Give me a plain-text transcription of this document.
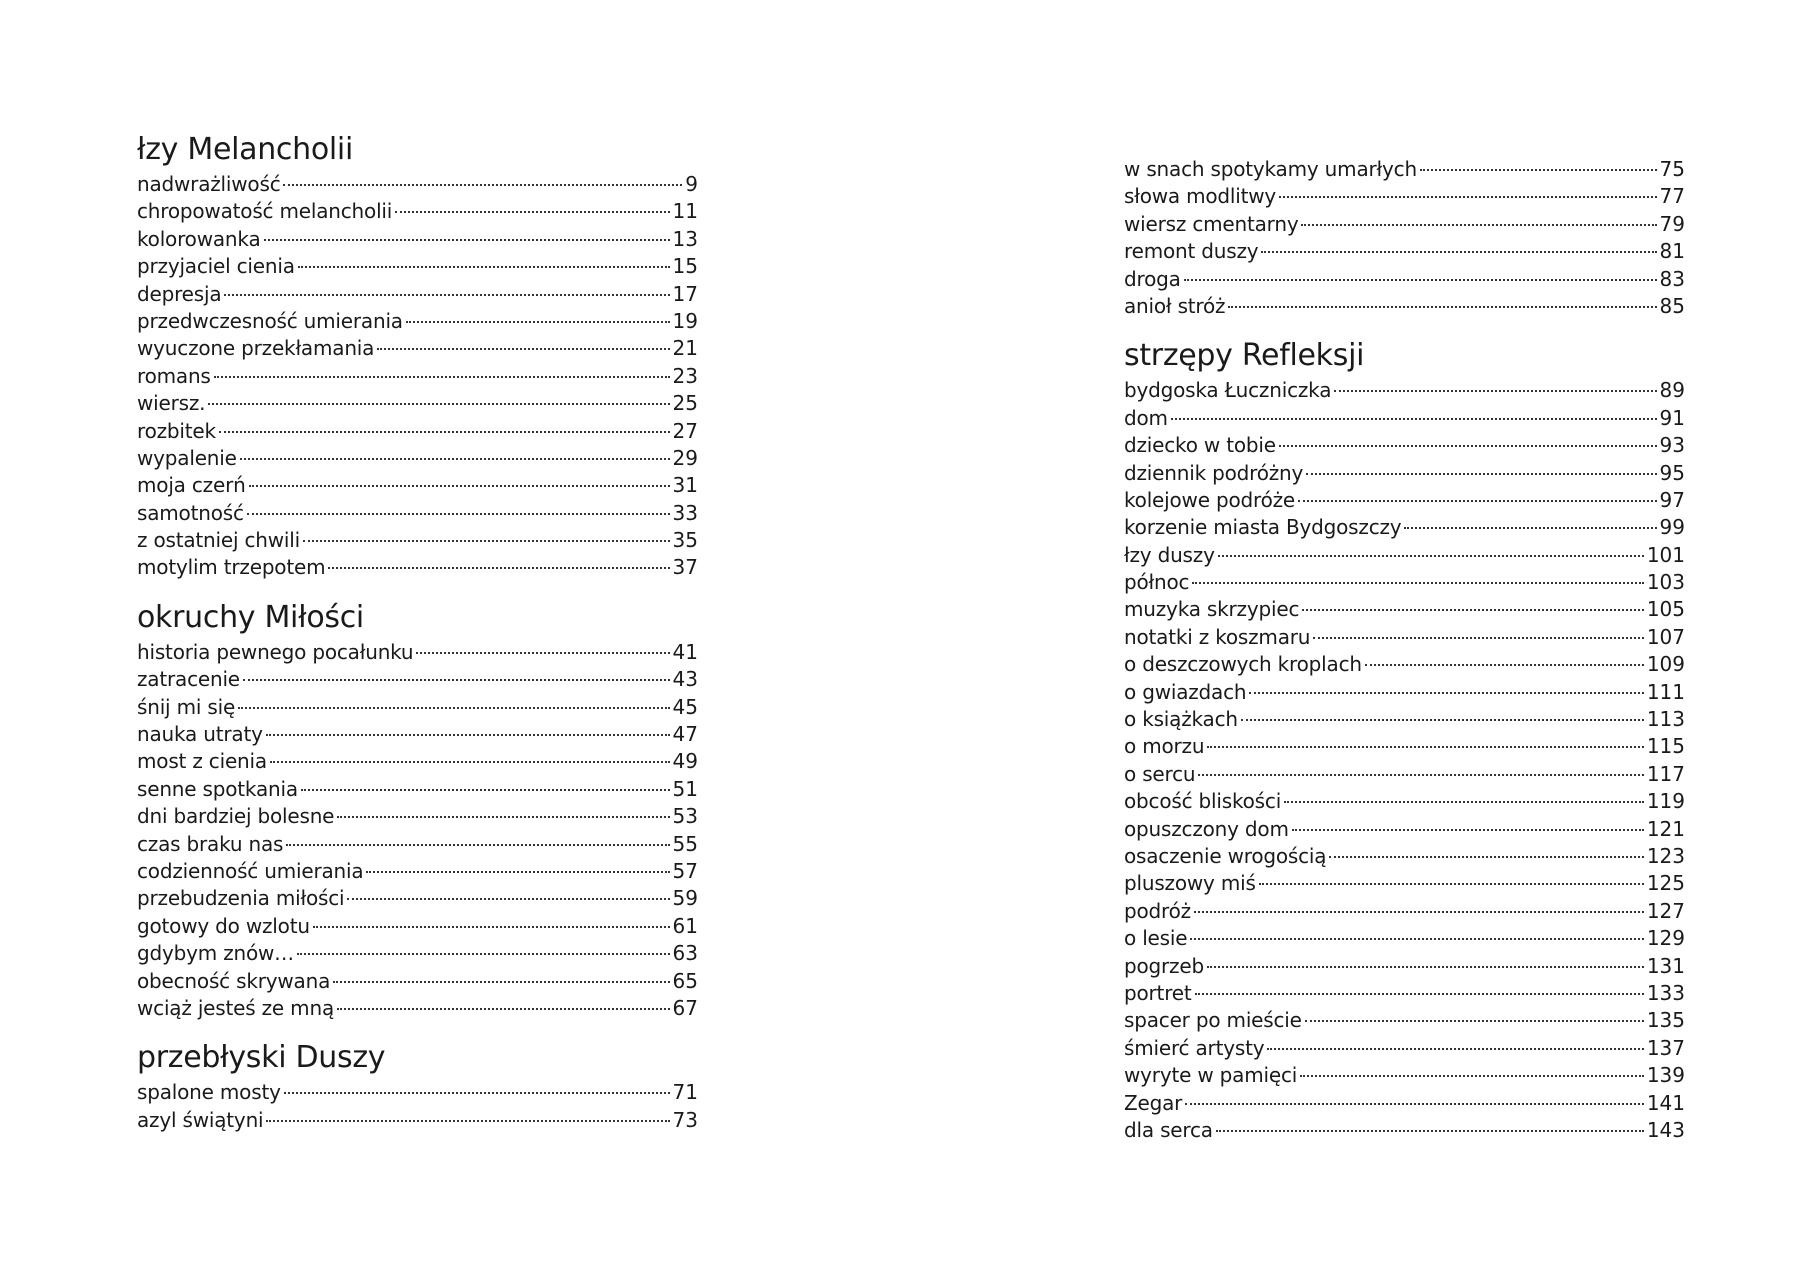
łzy Melancholii
nadwrażliwość	9
chropowatość melancholii	11
kolorowanka	13
przyjaciel cienia	15
depresja	17
przedwczesność umierania	19
wyuczone przekłamania	21
romans	23
wiersz.	25
rozbitek	27
wypalenie	29
moja czerń	31
samotność	33
z ostatniej chwili	35
motylim trzepotem	37
okruchy Miłości
historia pewnego pocałunku	41
zatracenie	43
śnij mi się	45
nauka utraty	47
most z cienia	49
senne spotkania	51
dni bardziej bolesne	53
czas braku nas	55
codzienność umierania	57
przebudzenia miłości	59
gotowy do wzlotu	61
gdybym znów…	63
obecność skrywana	65
wciąż jesteś ze mną	67
przebłyski Duszy
spalone mosty	71
azyl świątyni	73
w snach spotykamy umarłych	75
słowa modlitwy	77
wiersz cmentarny	79
remont duszy	81
droga	83
anioł stróż	85
strzępy Refleksji
bydgoska Łuczniczka	89
dom	91
dziecko w tobie	93
dziennik podróżny	95
kolejowe podróże	97
korzenie miasta Bydgoszczy	99
łzy duszy	101
północ	103
muzyka skrzypiec	105
notatki z koszmaru	107
o deszczowych kroplach	109
o gwiazdach	111
o książkach	113
o morzu	115
o sercu	117
obcość bliskości	119
opuszczony dom	121
osaczenie wrogością	123
pluszowy miś	125
podróż	127
o lesie	129
pogrzeb	131
portret	133
spacer po mieście	135
śmierć artysty	137
wyryte w pamięci	139
Zegar	141
dla serca	143
